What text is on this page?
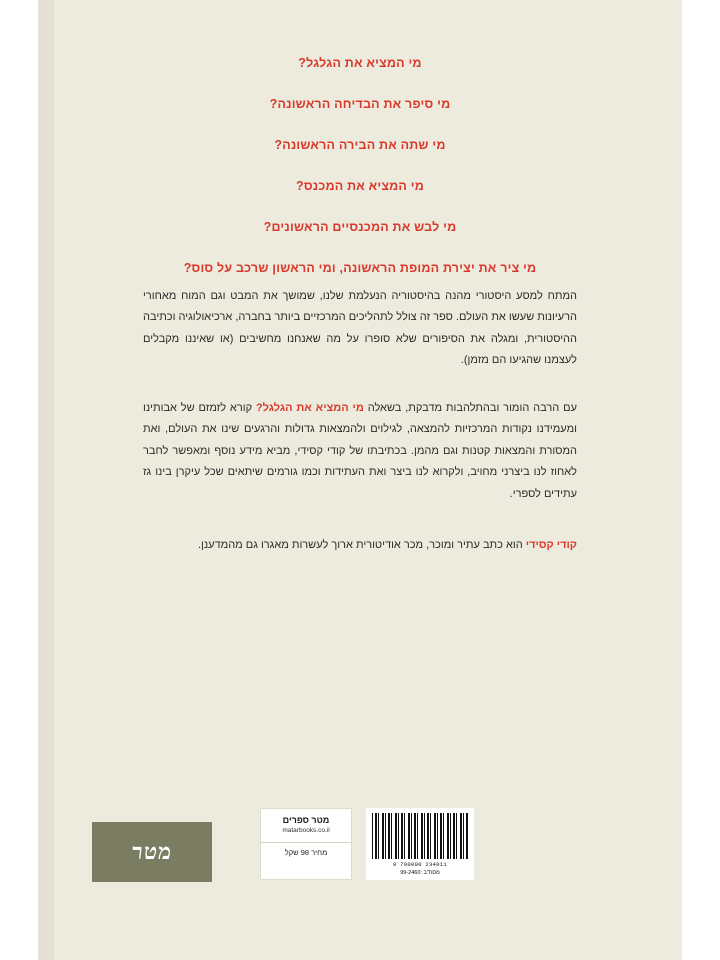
מי המציא את הגלגל?

מי סיפר את הבדיחה הראשונה?

מי שתה את הבירה הראשונה?

מי המציא את המכנס?

מי לבש את המכנסיים הראשונים?

מי ציר את יצירת המופת הראשונה, ומי הראשון שרכב על סוס?

המתח למסע היסטורי מהנה בהיסטוריה הנעלמת שלנו, שמושך את המבט וגם המוח מאחורי הרעיונות שעשו את העולם. ספר זה צולל לתהליכים המרכזיים ביותר בחברה, ארכיאולוגיה וכתיבה ההיסטורית, ומגלה את הסיפורים שלא סופרו על מה שאנחנו מחשיבים (או שאיננו מקבלים לעצמנו שהגיעו הם מזמן).

עם הרבה הומור ובהתלהבות מדבקת, בשאלה מי המציא את הגלגל? קורא לזמזם של אבותינו ומעמידנו נקודות המרכזיות להמצאה, לגילוים ולהמצאות גדולות והרגעים שינו את העולם, ואת המסורת והמצאות קטנות וגם מהמן. בכתיבתו של קודי קסידי, מביא מידע נוסף ומאפשר לחבר לאחוז לנו ביצרני מחויב, ולקרוא לנו ביצר ואת העתידות וכמו גורמים שיתאים שכל עיקרן בינו גז עתידים לספרי.

קודי קסידי הוא כתב עתיר ומוכר, מכר אודיטורית ארוך לעשרות מאגרו גם מהמדענן.

מטר
מטר ספרים
matarbooks.co.il
מחיר 98 שקל
9 790000 234011
99-2460: מסת"ב
